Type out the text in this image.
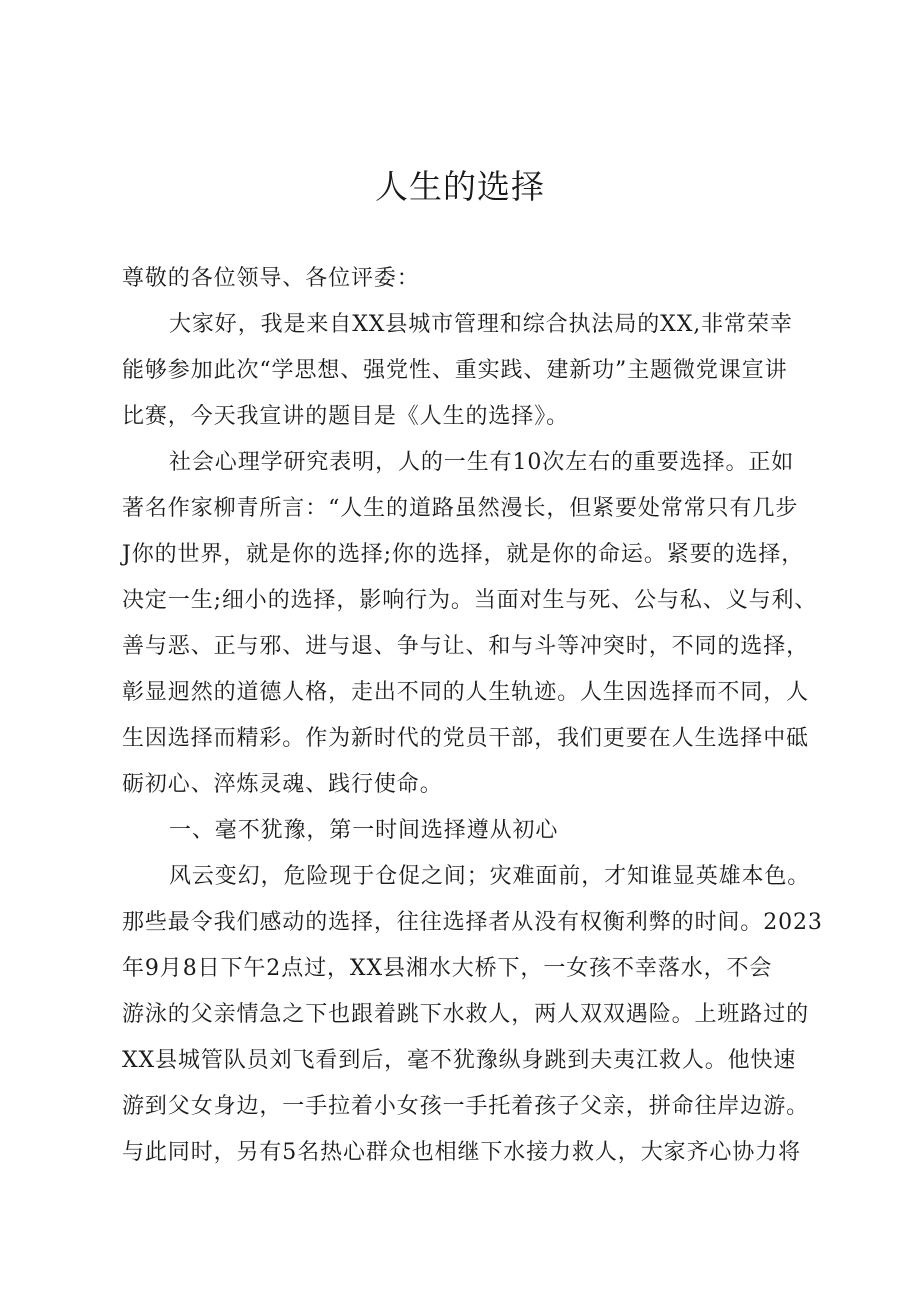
人生的选择
尊敬的各位领导、各位评委：
大家好，我是来自XX县城市管理和综合执法局的XX,非常荣幸
能够参加此次“学思想、强党性、重实践、建新功”主题微党课宣讲
比赛，今天我宣讲的题目是《人生的选择》。
社会心理学研究表明，人的一生有10次左右的重要选择。正如
著名作家柳青所言：“人生的道路虽然漫长，但紧要处常常只有几步
J你的世界，就是你的选择;你的选择，就是你的命运。紧要的选择，
决定一生;细小的选择，影响行为。当面对生与死、公与私、义与利、
善与恶、正与邪、进与退、争与让、和与斗等冲突时，不同的选择，
彰显迥然的道德人格，走出不同的人生轨迹。人生因选择而不同，人
生因选择而精彩。作为新时代的党员干部，我们更要在人生选择中砥
砺初心、淬炼灵魂、践行使命。
一、毫不犹豫，第一时间选择遵从初心
风云变幻，危险现于仓促之间；灾难面前，才知谁显英雄本色。
那些最令我们感动的选择，往往选择者从没有权衡利弊的时间。2023
年9月8日下午2点过，XX县湘水大桥下，一女孩不幸落水，不会
游泳的父亲情急之下也跟着跳下水救人，两人双双遇险。上班路过的
XX县城管队员刘飞看到后，毫不犹豫纵身跳到夫夷江救人。他快速
游到父女身边，一手拉着小女孩一手托着孩子父亲，拼命往岸边游。
与此同时，另有5名热心群众也相继下水接力救人，大家齐心协力将
